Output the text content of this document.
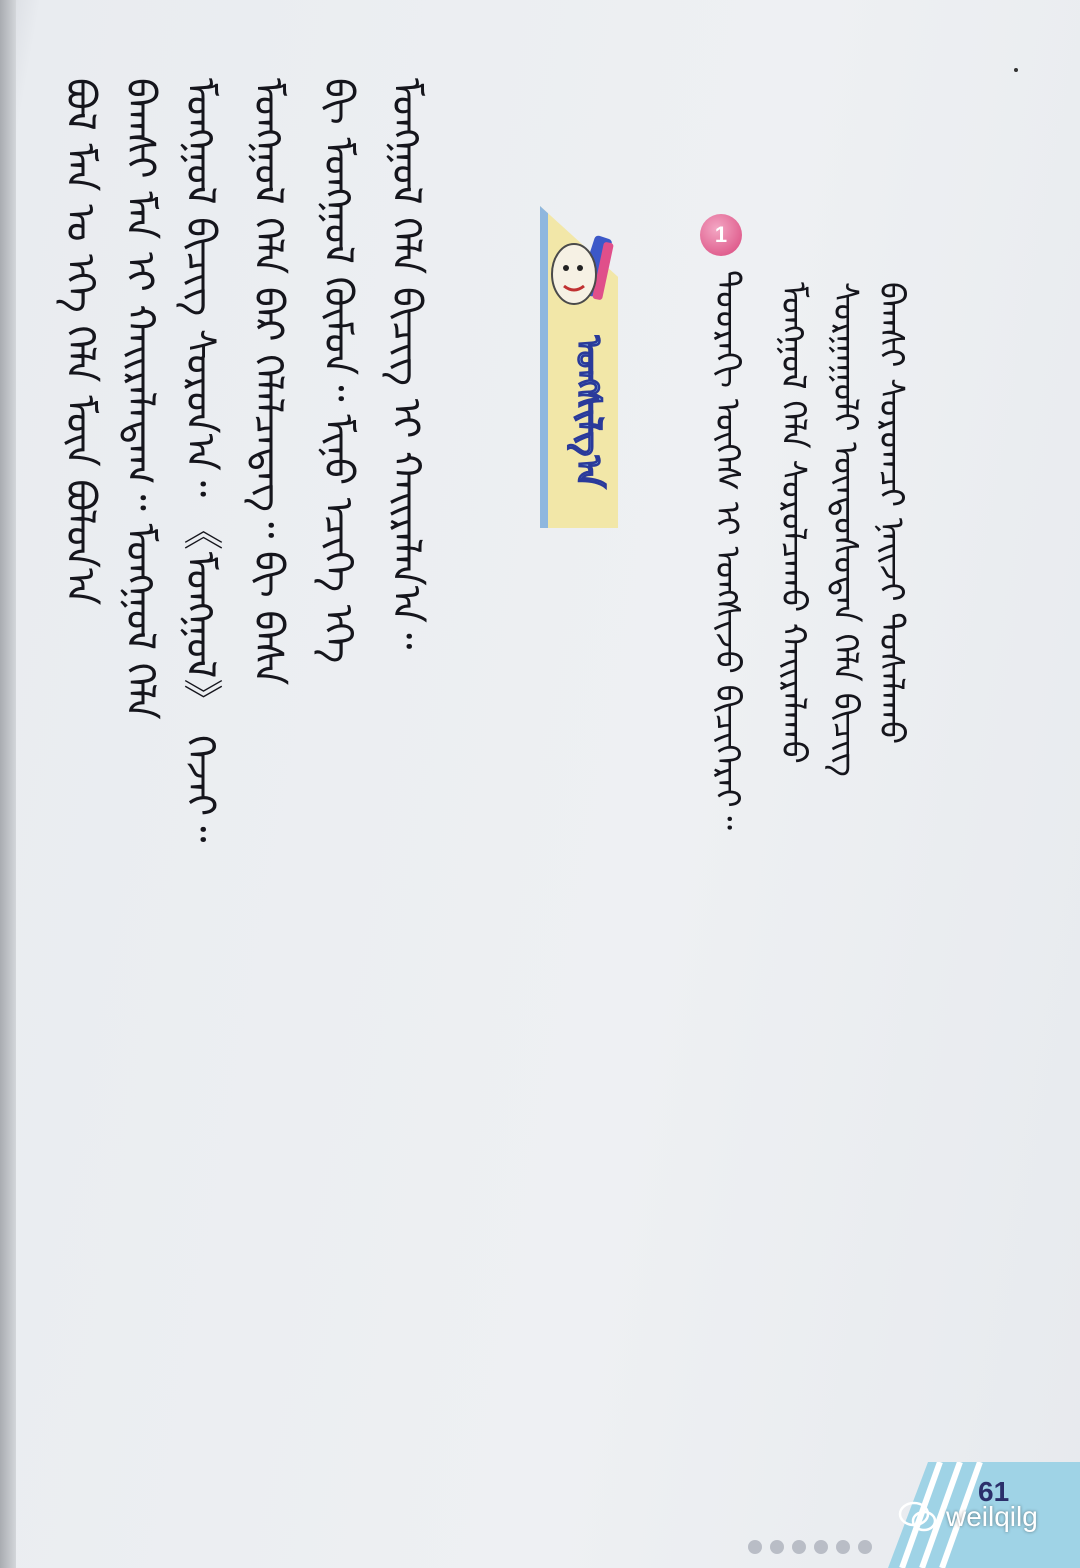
1
ᠳᠣᠣᠷᠠᠬᠢ ᠦᠭᠡᠰ ᠢ ᠤᠩᠰᠢᠵᠤ ᠪᠢᠴᠢᠭᠡᠷᠡᠢ᠃	ᠪᠠᠭᠰᠢ ᠰᠤᠷᠤᠭᠴᠢ ᠨᠠᠢᠵᠢ ᠲᠤᠰᠠᠯᠠᠬᠤ
ᠰᠤᠷᠭᠠᠭᠤᠯᠢ ᠦᠨᠳᠦᠰᠦᠲᠡᠨ ᠬᠡᠯᠡ ᠪᠢᠴᠢᠭ
ᠮᠣᠩᠭᠣᠯ ᠬᠡᠯᠡ ᠰᠤᠷᠤᠯᠴᠠᠬᠤ ᠬᠠᠢᠷᠠᠯᠠᠬᠤ
ᠤᠩᠰᠢᠯᠭ᠎ᠠ
ᠮᠣᠩᠭᠣᠯ ᠬᠡᠯᠡ ᠪᠢᠴᠢᠭ ᠢ ᠬᠠᠢᠷᠠᠯᠠᠨ᠎ᠠ᠃
ᠪᠢ ᠮᠣᠩᠭᠣᠯ ᠬᠦᠮᠦᠨ᠃ ᠮᠢᠨᠦ ᠡᠴᠢᠭᠡ ᠡᠬᠡ
ᠮᠣᠩᠭᠣᠯ ᠬᠡᠯᠡ ᠪᠡᠷ ᠬᠡᠯᠡᠯᠴᠡᠳᠡᠭ᠃ ᠪᠢ ᠪᠠᠰᠠ
ᠮᠣᠩᠭᠣᠯ ᠪᠢᠴᠢᠭ ᠰᠤᠷᠤᠨ᠎ᠠ᠃ 《ᠮᠣᠩᠭᠣᠯ》 ᠭᠡᠵᠡᠢ᠃
ᠪᠠᠭᠰᠢ ᠮᠠᠨ ᠢ ᠬᠠᠢᠷᠠᠯᠠᠳᠠᠭ᠃ ᠮᠣᠩᠭᠣᠯ ᠬᠡᠯᠡ
ᠪᠣᠯ ᠮᠠᠨ ᠤ ᠡᠬᠡ ᠬᠡᠯᠡ ᠮᠥᠨ ᠪᠣᠯᠤᠨ᠎ᠠ
61
weilqilg
